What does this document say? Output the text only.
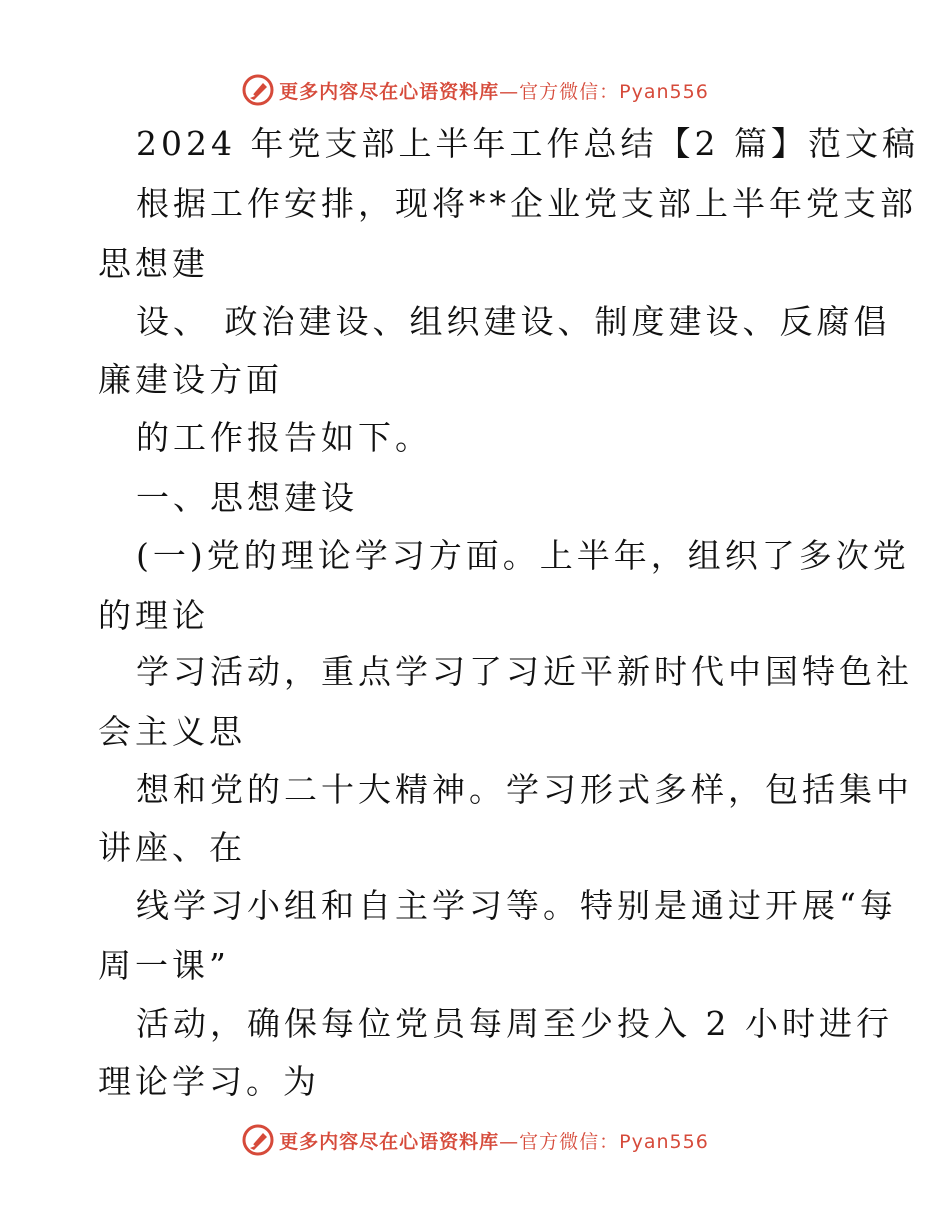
更多内容尽在心语资料库—官方微信：Pyan556
2024 年党支部上半年工作总结【2 篇】范文稿
根据工作安排，现将**企业党支部上半年党支部
思想建
设、 政治建设、组织建设、制度建设、反腐倡
廉建设方面
的工作报告如下。
一、思想建设
(一)党的理论学习方面。上半年，组织了多次党
的理论
学习活动，重点学习了习近平新时代中国特色社
会主义思
想和党的二十大精神。学习形式多样，包括集中
讲座、在
线学习小组和自主学习等。特别是通过开展“每
周一课”
活动，确保每位党员每周至少投入 2 小时进行
理论学习。为
更多内容尽在心语资料库—官方微信：Pyan556
